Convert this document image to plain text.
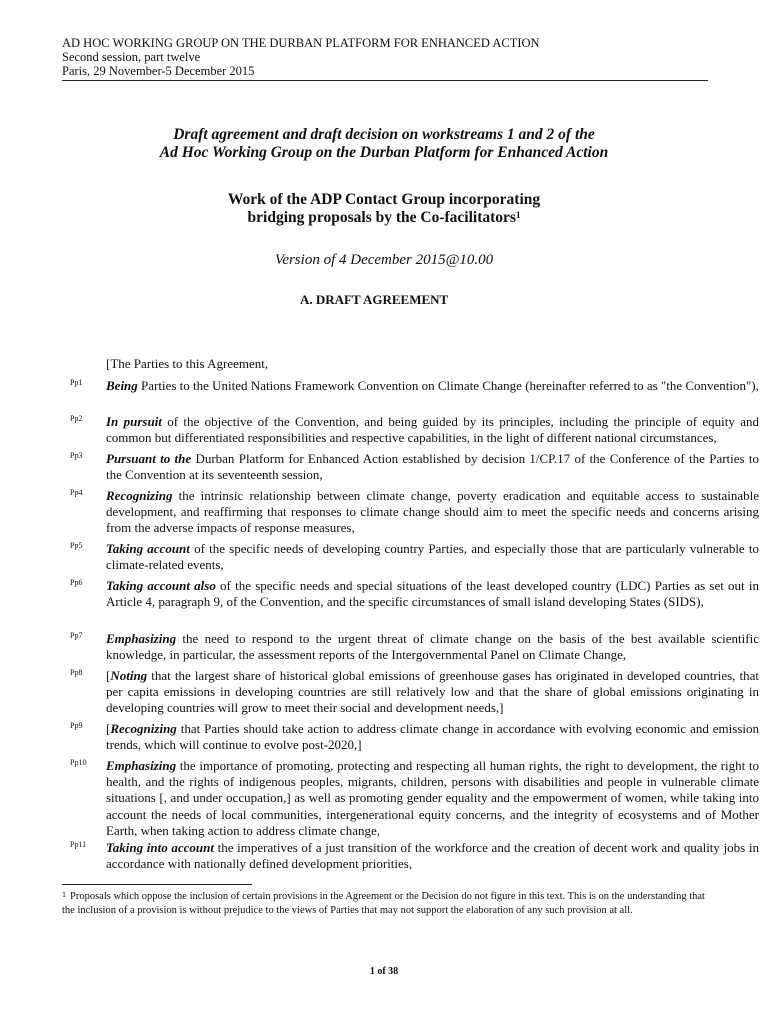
AD HOC WORKING GROUP ON THE DURBAN PLATFORM FOR ENHANCED ACTION
Second session, part twelve
Paris, 29 November-5 December 2015
Draft agreement and draft decision on workstreams 1 and 2 of the
Ad Hoc Working Group on the Durban Platform for Enhanced Action
Work of the ADP Contact Group incorporating
bridging proposals by the Co-facilitators$^1$
Version of 4 December 2015@10.00
A. DRAFT AGREEMENT
[The Parties to this Agreement,
Pp1 Being Parties to the United Nations Framework Convention on Climate Change (hereinafter referred to as "the Convention"),
Pp2 In pursuit of the objective of the Convention, and being guided by its principles, including the principle of equity and common but differentiated responsibilities and respective capabilities, in the light of different national circumstances,
Pp3 Pursuant to the Durban Platform for Enhanced Action established by decision 1/CP.17 of the Conference of the Parties to the Convention at its seventeenth session,
Pp4 Recognizing the intrinsic relationship between climate change, poverty eradication and equitable access to sustainable development, and reaffirming that responses to climate change should aim to meet the specific needs and concerns arising from the adverse impacts of response measures,
Pp5 Taking account of the specific needs of developing country Parties, and especially those that are particularly vulnerable to climate-related events,
Pp6 Taking account also of the specific needs and special situations of the least developed country (LDC) Parties as set out in Article 4, paragraph 9, of the Convention, and the specific circumstances of small island developing States (SIDS),
Pp7 Emphasizing the need to respond to the urgent threat of climate change on the basis of the best available scientific knowledge, in particular, the assessment reports of the Intergovernmental Panel on Climate Change,
Pp8 [Noting that the largest share of historical global emissions of greenhouse gases has originated in developed countries, that per capita emissions in developing countries are still relatively low and that the share of global emissions originating in developing countries will grow to meet their social and development needs,]
Pp9 [Recognizing that Parties should take action to address climate change in accordance with evolving economic and emission trends, which will continue to evolve post-2020,]
Pp10 Emphasizing the importance of promoting, protecting and respecting all human rights, the right to development, the right to health, and the rights of indigenous peoples, migrants, children, persons with disabilities and people in vulnerable climate situations [, and under occupation,] as well as promoting gender equality and the empowerment of women, while taking into account the needs of local communities, intergenerational equity concerns, and the integrity of ecosystems and of Mother Earth, when taking action to address climate change,
Pp11 Taking into account the imperatives of a just transition of the workforce and the creation of decent work and quality jobs in accordance with nationally defined development priorities,
$^1$ Proposals which oppose the inclusion of certain provisions in the Agreement or the Decision do not figure in this text. This is on the understanding that the inclusion of a provision is without prejudice to the views of Parties that may not support the elaboration of any such provision at all.
1 of 38
